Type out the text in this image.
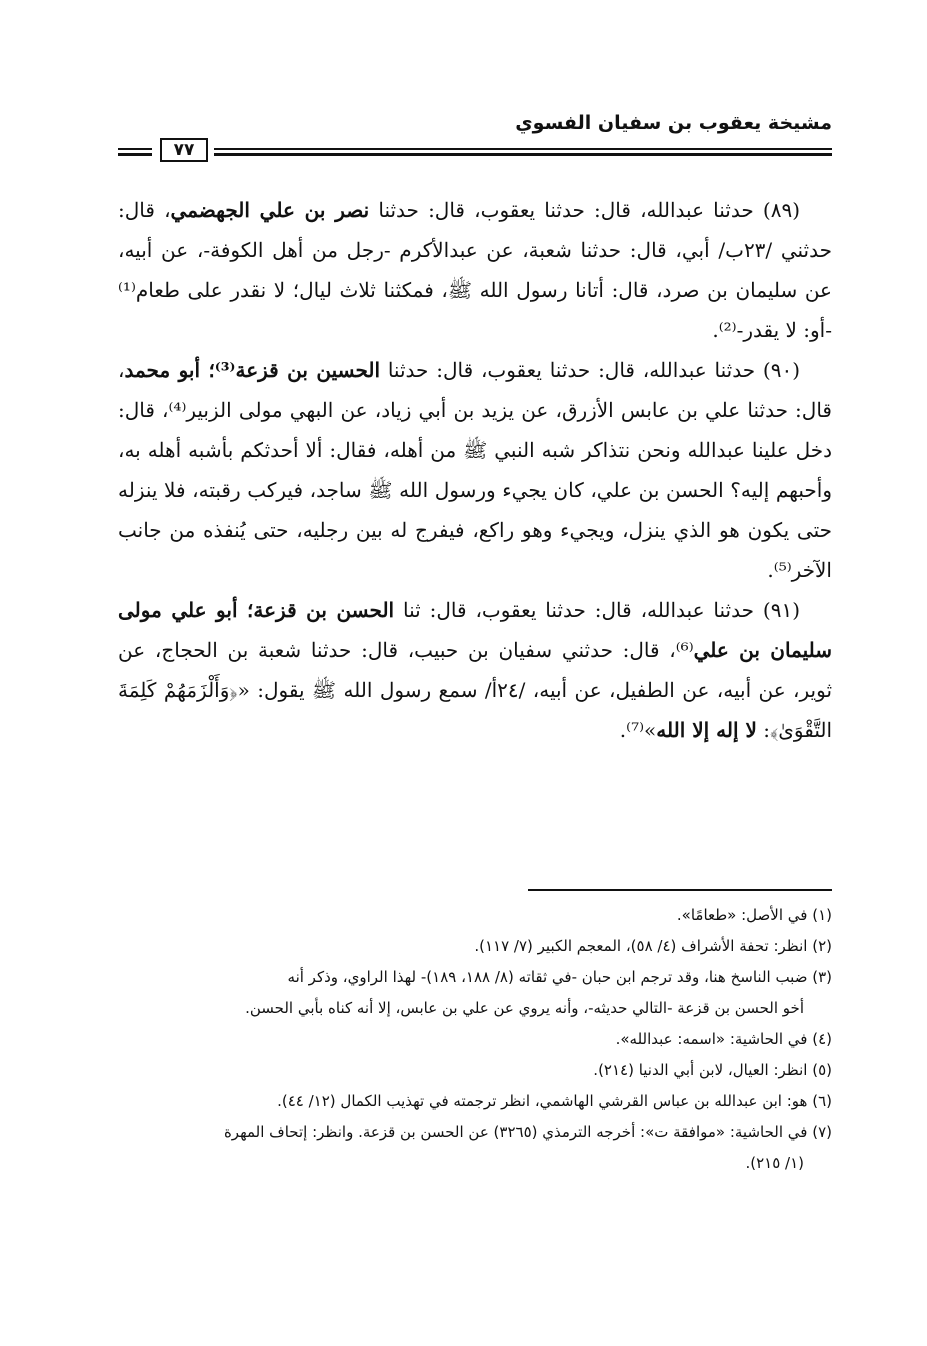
مشيخة يعقوب بن سفيان الفسوي
٧٧

(٨٩) حدثنا عبدالله، قال: حدثنا يعقوب، قال: حدثنا نصر بن علي الجهضمي، قال: حدثني /٢٣ب/ أبي، قال: حدثنا شعبة، عن عبدالأكرم -رجل من أهل الكوفة-، عن أبيه، عن سليمان بن صرد، قال: أتانا رسول الله ﷺ، فمكثنا ثلاث ليال؛ لا نقدر على طعام⁽¹⁾ -أو: لا يقدر-⁽²⁾.

(٩٠) حدثنا عبدالله، قال: حدثنا يعقوب، قال: حدثنا الحسين بن قزعة⁽³⁾؛ أبو محمد، قال: حدثنا علي بن عابس الأزرق، عن يزيد بن أبي زياد، عن البهي مولى الزبير⁽⁴⁾، قال: دخل علينا عبدالله ونحن نتذاكر شبه النبي ﷺ من أهله، فقال: ألا أحدثكم بأشبه أهله به، وأحبهم إليه؟ الحسن بن علي، كان يجيء ورسول الله ﷺ ساجد، فيركب رقبته، فلا ينزله حتى يكون هو الذي ينزل، ويجيء وهو راكع، فيفرج له بين رجليه، حتى يُنفذه من جانب الآخر⁽⁵⁾.

(٩١) حدثنا عبدالله، قال: حدثنا يعقوب، قال: ثنا الحسن بن قزعة؛ أبو علي مولى سليمان بن علي⁽⁶⁾، قال: حدثني سفيان بن حبيب، قال: حدثنا شعبة بن الحجاج، عن ثوير، عن أبيه، عن الطفيل، عن أبيه، /٢٤أ/ سمع رسول الله ﷺ يقول: «﴿وَأَلْزَمَهُمْ كَلِمَةَ التَّقْوَىٰ﴾: لا إله إلا الله»⁽⁷⁾.

(١) في الأصل: «طعامًا».
(٢) انظر: تحفة الأشراف (٤/ ٥٨)، المعجم الكبير (٧/ ١١٧).
(٣) ضبب الناسخ هنا، وقد ترجم ابن حبان -في ثقاته (٨/ ١٨٨، ١٨٩)- لهذا الراوي، وذكر أنه
أخو الحسن بن قزعة -التالي حديثه-، وأنه يروي عن علي بن عابس، إلا أنه كناه بأبي الحسن.
(٤) في الحاشية: «اسمه: عبدالله».
(٥) انظر: العيال، لابن أبي الدنيا (٢١٤).
(٦) هو: ابن عبدالله بن عباس القرشي الهاشمي، انظر ترجمته في تهذيب الكمال (١٢/ ٤٤).
(٧) في الحاشية: «موافقة ت»: أخرجه الترمذي (٣٢٦٥) عن الحسن بن قزعة. وانظر: إتحاف المهرة
(١/ ٢١٥).
